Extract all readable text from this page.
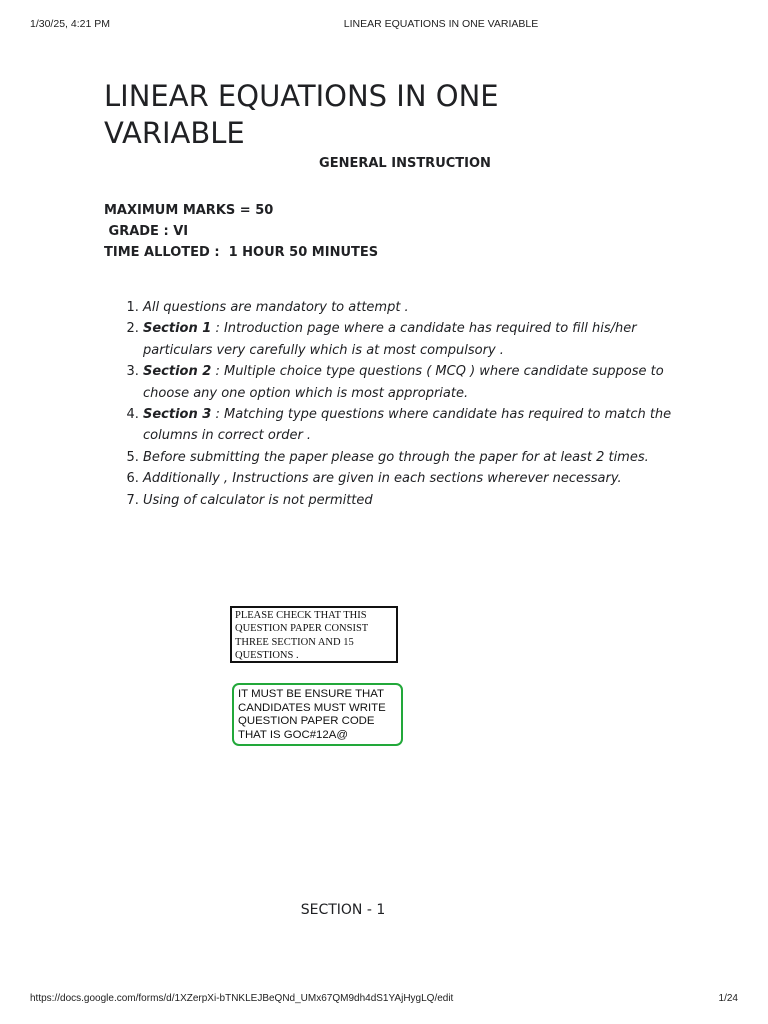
1/30/25, 4:21 PM	LINEAR EQUATIONS IN ONE VARIABLE
LINEAR EQUATIONS IN ONE VARIABLE
GENERAL INSTRUCTION
MAXIMUM MARKS = 50
GRADE : VI
TIME ALLOTED :  1 HOUR 50 MINUTES
1. All questions are mandatory to attempt .
2. Section 1 : Introduction page where a candidate has required to fill his/her particulars very carefully which is at most compulsory .
3. Section 2 : Multiple choice type questions ( MCQ ) where candidate suppose to choose any one option which is most appropriate.
4. Section 3 : Matching type questions where candidate has required to match the columns in correct order .
5. Before submitting the paper please go through the paper for at least 2 times.
6. Additionally , Instructions are given in each sections wherever necessary.
7. Using of calculator is not permitted
PLEASE CHECK THAT THIS QUESTION PAPER CONSIST THREE SECTION AND 15 QUESTIONS .
IT MUST BE ENSURE THAT CANDIDATES MUST WRITE QUESTION PAPER CODE THAT IS GOC#12A@
SECTION - 1
https://docs.google.com/forms/d/1XZerpXi-bTNKLEJBeQNd_UMx67QM9dh4dS1YAjHygLQ/edit	1/24
